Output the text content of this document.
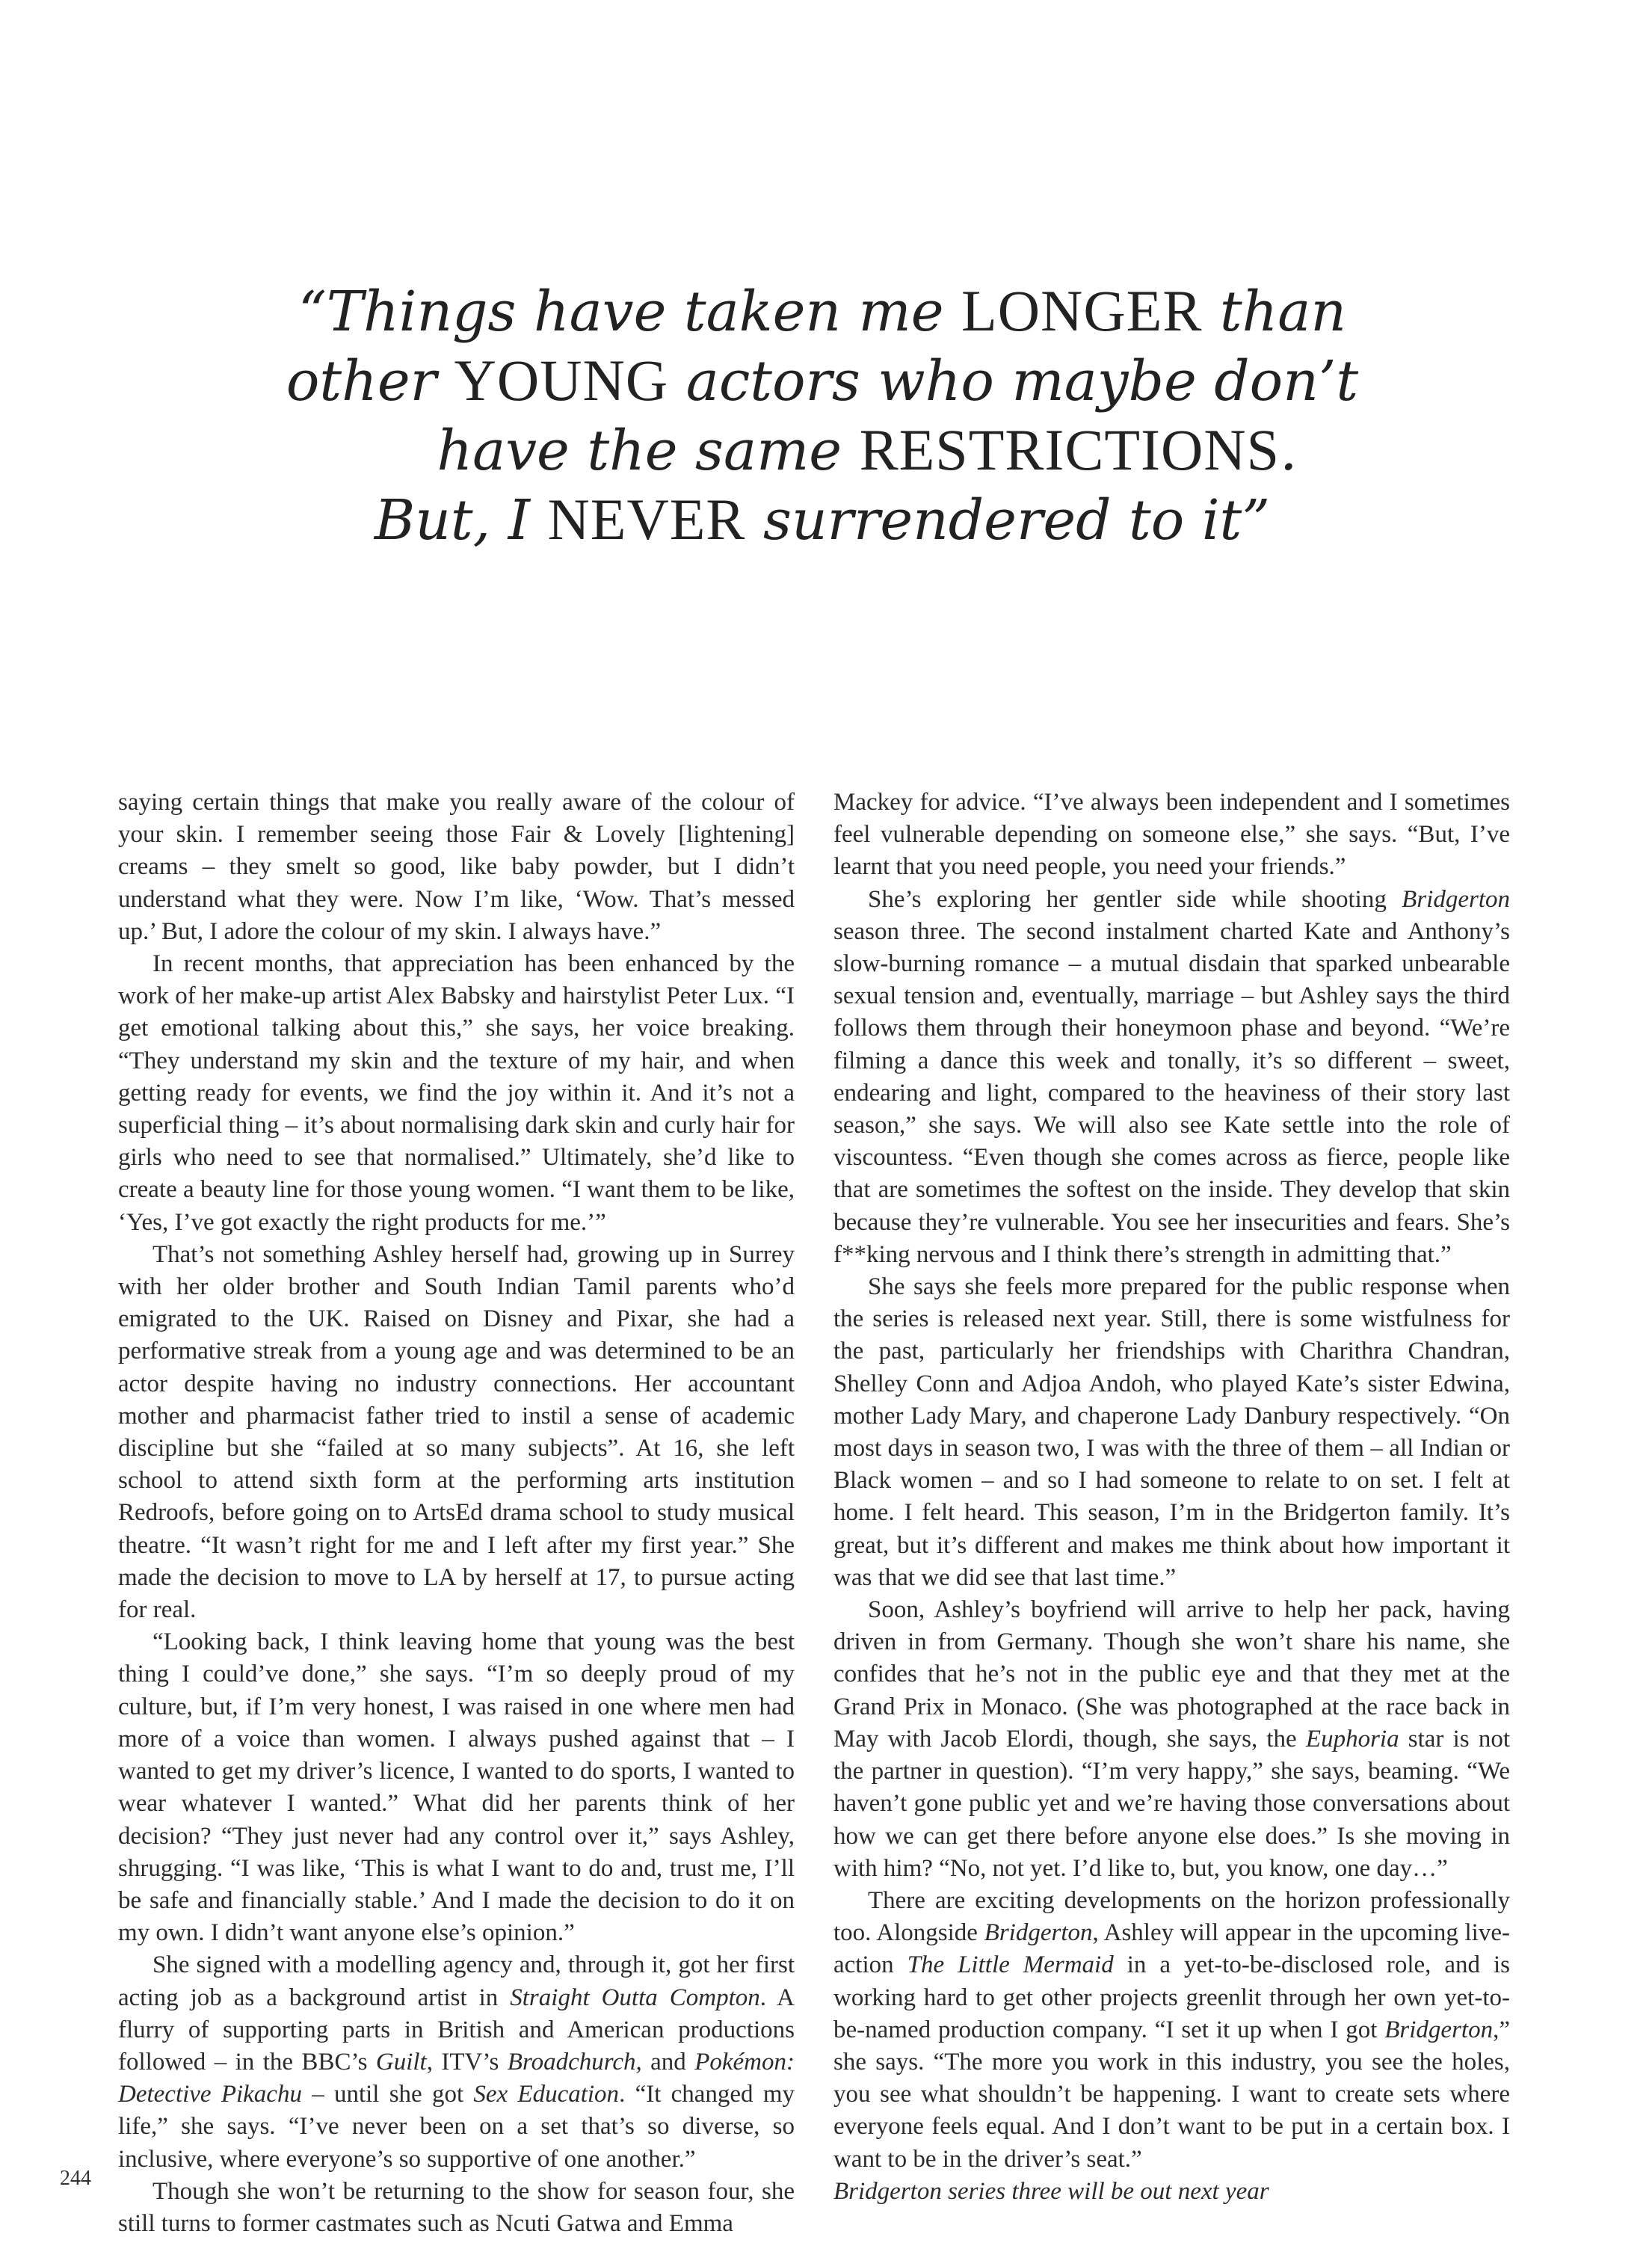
“Things have taken me LONGER than
other YOUNG actors who maybe don’t
have the same RESTRICTIONS.
But, I NEVER surrendered to it”

saying certain things that make you really aware of the colour of your skin. I remember seeing those Fair & Lovely [lightening] creams – they smelt so good, like baby powder, but I didn’t understand what they were. Now I’m like, ‘Wow. That’s messed up.’ But, I adore the colour of my skin. I always have.”

In recent months, that appreciation has been enhanced by the work of her make-up artist Alex Babsky and hairstylist Peter Lux. “I get emotional talking about this,” she says, her voice breaking. “They understand my skin and the texture of my hair, and when getting ready for events, we find the joy within it. And it’s not a superficial thing – it’s about normalising dark skin and curly hair for girls who need to see that normalised.” Ultimately, she’d like to create a beauty line for those young women. “I want them to be like, ‘Yes, I’ve got exactly the right products for me.’”

That’s not something Ashley herself had, growing up in Surrey with her older brother and South Indian Tamil parents who’d emigrated to the UK. Raised on Disney and Pixar, she had a performative streak from a young age and was determined to be an actor despite having no industry connections. Her accountant mother and pharmacist father tried to instil a sense of academic discipline but she “failed at so many subjects”. At 16, she left school to attend sixth form at the performing arts institution Redroofs, before going on to ArtsEd drama school to study musical theatre. “It wasn’t right for me and I left after my first year.” She made the decision to move to LA by herself at 17, to pursue acting for real.

“Looking back, I think leaving home that young was the best thing I could’ve done,” she says. “I’m so deeply proud of my culture, but, if I’m very honest, I was raised in one where men had more of a voice than women. I always pushed against that – I wanted to get my driver’s licence, I wanted to do sports, I wanted to wear whatever I wanted.” What did her parents think of her decision? “They just never had any control over it,” says Ashley, shrugging. “I was like, ‘This is what I want to do and, trust me, I’ll be safe and financially stable.’ And I made the decision to do it on my own. I didn’t want anyone else’s opinion.”

She signed with a modelling agency and, through it, got her first acting job as a background artist in Straight Outta Compton. A flurry of supporting parts in British and American productions followed – in the BBC’s Guilt, ITV’s Broadchurch, and Pokémon: Detective Pikachu – until she got Sex Education. “It changed my life,” she says. “I’ve never been on a set that’s so diverse, so inclusive, where everyone’s so supportive of one another.”

Though she won’t be returning to the show for season four, she still turns to former castmates such as Ncuti Gatwa and Emma

Mackey for advice. “I’ve always been independent and I sometimes feel vulnerable depending on someone else,” she says. “But, I’ve learnt that you need people, you need your friends.”

She’s exploring her gentler side while shooting Bridgerton season three. The second instalment charted Kate and Anthony’s slow-burning romance – a mutual disdain that sparked unbearable sexual tension and, eventually, marriage – but Ashley says the third follows them through their honeymoon phase and beyond. “We’re filming a dance this week and tonally, it’s so different – sweet, endearing and light, compared to the heaviness of their story last season,” she says. We will also see Kate settle into the role of viscountess. “Even though she comes across as fierce, people like that are sometimes the softest on the inside. They develop that skin because they’re vulnerable. You see her insecurities and fears. She’s f**king nervous and I think there’s strength in admitting that.”

She says she feels more prepared for the public response when the series is released next year. Still, there is some wistfulness for the past, particularly her friendships with Charithra Chandran, Shelley Conn and Adjoa Andoh, who played Kate’s sister Edwina, mother Lady Mary, and chaperone Lady Danbury respectively. “On most days in season two, I was with the three of them – all Indian or Black women – and so I had someone to relate to on set. I felt at home. I felt heard. This season, I’m in the Bridgerton family. It’s great, but it’s different and makes me think about how important it was that we did see that last time.”

Soon, Ashley’s boyfriend will arrive to help her pack, having driven in from Germany. Though she won’t share his name, she confides that he’s not in the public eye and that they met at the Grand Prix in Monaco. (She was photographed at the race back in May with Jacob Elordi, though, she says, the Euphoria star is not the partner in question). “I’m very happy,” she says, beaming. “We haven’t gone public yet and we’re having those conversations about how we can get there before anyone else does.” Is she moving in with him? “No, not yet. I’d like to, but, you know, one day…”

There are exciting developments on the horizon professionally too. Alongside Bridgerton, Ashley will appear in the upcoming live-action The Little Mermaid in a yet-to-be-disclosed role, and is working hard to get other projects greenlit through her own yet-to-be-named production company. “I set it up when I got Bridgerton,” she says. “The more you work in this industry, you see the holes, you see what shouldn’t be happening. I want to create sets where everyone feels equal. And I don’t want to be put in a certain box. I want to be in the driver’s seat.”

Bridgerton series three will be out next year

244
